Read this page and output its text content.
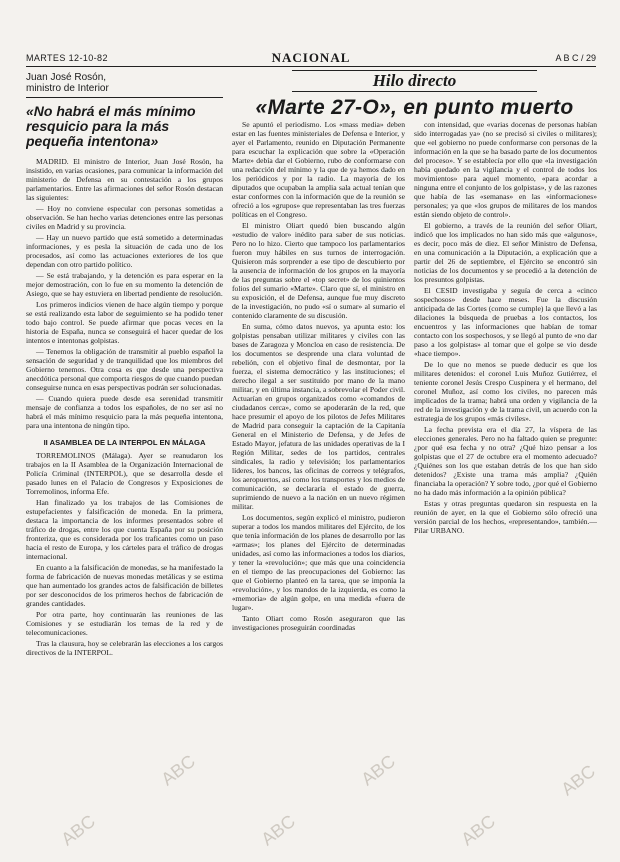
MARTES 12-10-82	NACIONAL	A B C / 29
Juan José Rosón,
ministro de Interior
«No habrá el más mínimo resquicio para la más pequeña intentona»

MADRID. El ministro de Interior, Juan José Rosón, ha insistido, en varias ocasiones, para comunicar la información del ministerio de Defensa en su contestación a los grupos parlamentarios. Entre las afirmaciones del señor Rosón destacan las siguientes:

— Hoy no conviene especular con personas sometidas a observación. Se han hecho varias detenciones entre las personas civiles en Madrid y su provincia.

— Hay un nuevo partido que está sometido a determinadas informaciones, y es pesla la situación de cada uno de los procesados, así como las actuaciones exteriores de los que dependan con otro partido político.

— Se está trabajando, y la detención es para esperar en la mejor demostración, con lo fue en su momento la detención de Asiego, que se hay estuviera en libertad pendiente de resolución.

Los primeros indicios vienen de hace algún tiempo y porque se está realizando esta labor de seguimiento se ha podido tener todo bajo control. Se puede afirmar que pocas veces en la historia de España, nunca se conseguirá el hacer quedar de los intentos e intentonas golpistas.

— Tenemos la obligación de transmitir al pueblo español la sensación de seguridad y de tranquilidad que los miembros del Gobierno tenemos. Otra cosa es que desde una perspectiva anecdótica personal que comporta riesgos de que cuando puedan conseguirse nunca en esas perspectivas podrán ser solucionadas.

— Cuando quiera puede desde esa serenidad transmitir mensaje de confianza a todos los españoles, de no ser así no habrá el más mínimo resquicio para la más pequeña intentona, para una intentona de ningún tipo.

II ASAMBLEA DE LA INTERPOL EN MÁLAGA

TORREMOLINOS (Málaga). Ayer se reanudaron los trabajos en la II Asamblea de la Organización Internacional de Policía Criminal (INTERPOL), que se desarrolla desde el pasado lunes en el Palacio de Congresos y Exposiciones de Torremolinos, informa Efe.

Han finalizado ya los trabajos de las Comisiones de estupefacientes y falsificación de moneda. En la primera, destaca la importancia de los informes presentados sobre el tráfico de drogas, entre los que cuenta España por su posición fronteriza, que es considerada por los traficantes como un paso hacia el resto de Europa, y los cárteles para el tráfico de drogas internacional.

En cuanto a la falsificación de monedas, se ha manifestado la forma de fabricación de nuevas monedas metálicas y se estima que han aumentado los grandes actos de falsificación de billetes por ser desconocidos de los primeros hechos de fabricación de grandes cantidades.

Por otra parte, hoy continuarán las reuniones de las Comisiones y se estudiarán los temas de la red y de telecomunicaciones.

Tras la clausura, hoy se celebrarán las elecciones a los cargos directivos de la INTERPOL.

Hilo directo
«Marte 27-O», en punto muerto

Se apuntó el periodismo. Los «mass media» deben estar en las fuentes ministeriales de Defensa e Interior, y ayer el Parlamento, reunido en Diputación Permanente para escuchar la explicación que sobre la «Operación Marte» debía dar el Gobierno, rubo de conformarse con una redacción del mínimo y la que de ya hemos dado en los periódicos y por la radio. La mayoría de los diputados que ocupaban la amplia sala actual tenían que estar conformes con la información que de la reunión se ofreció a los «grupos» que representaban las tres fuerzas políticas en el Congreso.

El ministro Oliart quedó bien buscando algún «estudio de valor» inédito para saber de sus noticias. Pero no lo hizo. Cierto que tampoco los parlamentarios fueron muy hábiles en sus turnos de interrogación. Quisieron más sorprender a ese tipo de descubierto por la ausencia de información de los grupos en la mayoría de las preguntas sobre el «top secret» de los quinientos folios del sumario «Marte». Claro que sí, el ministro en su exposición, el de Defensa, aunque fue muy discreto de la investigación, no pudo «sí o sumar» al sumario el contenido claramente de su discusión.

En suma, cómo datos nuevos, ya apunta esto: los golpistas pensaban utilizar militares y civiles con las bases de Zaragoza y Moncloa en caso de resistencia. De los documentos se desprende una clara voluntad de rebelión, con el objetivo final de desmontar, por la fuerza, el sistema democrático y las instituciones; el derecho ilegal a ser sustituido por mano de la mano militar, y en última instancia, a sobrevolar el Poder civil. Actuarían en grupos organizados como «comandos de ciudadanos cerca», como se apoderarán de la red, que hace presumir el apoyo de los pilotos de Jefes Militares de Madrid para conseguir la captación de la Capitanía General en el Ministerio de Defensa, y de Jefes de Estado Mayor, jefatura de las unidades operativas de la I Región Militar, sedes de los partidos, centrales sindicales, la radio y televisión; los parlamentarios líderes, los bancos, las oficinas de correos y telégrafos, los aeropuertos, así como los transportes y los medios de comunicación, se declararía el estado de guerra, suprimiendo de nuevo a la nación en un nuevo régimen militar.

Los documentos, según explicó el ministro, pudieron superar a todos los mandos militares del Ejército, de los que tenía información de los planes de desarrollo por las «armas»; los planes del Ejército de determinadas unidades, así como las informaciones a todos los diarios, y tener la «revolución»; que más que una coincidencia en el tiempo de las preocupaciones del Gobierno: las que el Gobierno planteó en la tarea, que se imponía la «revolución», y los mandos de la izquierda, es como la «memoria» de algún golpe, en una medida «fuera de lugar».

Tanto Oliart como Rosón aseguraron que las investigaciones proseguirán coordinadas

con intensidad, que «varias docenas de personas habían sido interrogadas ya» (no se precisó si civiles o militares); que «el gobierno no puede conformarse con personas de la información en la que se ha basado parte de los documentos del proceso». Y se establecía por ello que «la investigación había quedado en la vigilancia y el control de todos los movimientos» para aquel momento, «para acordar a ninguna entre el conjunto de los golpistas», y de las razones que había de las «semanas» en las «informaciones» personales; ya que «los grupos de militares de los mandos están siendo objeto de control».

El gobierno, a través de la reunión del señor Oliart, indicó que los implicados no han sido más que «algunos», es decir, poco más de diez. El señor Ministro de Defensa, en una comunicación a la Diputación, a explicación que a partir del 26 de septiembre, el Ejército se encontró sin noticias de los documentos y se procedió a la detención de los presuntos golpistas.

El CESID investigaba y seguía de cerca a «cinco sospechosos» desde hace meses. Fue la discusión anticipada de las Cortes (como se cumple) la que llevó a las dilaciones la búsqueda de pruebas a los contactos, los encuentros y las informaciones que habían de tomar contacto con los sospechosos, y se llegó al punto de «no dar paso a los golpistas» al tomar que el golpe se vio desde «hace tiempo».

De lo que no menos se puede deducir es que los militares detenidos: el coronel Luis Muñoz Gutiérrez, el teniente coronel Jesús Crespo Cuspinera y el hermano, del coronel Muñoz, así como los civiles, no parecen más implicados de la trama; habrá una orden y vigilancia de la red de la investigación y de la trama civil, un acuerdo con la estrategia de los grupos «más civiles».

La fecha prevista era el día 27, la víspera de las elecciones generales. Pero no ha faltado quien se pregunte: ¿por qué esa fecha y no otra? ¿Qué hizo pensar a los golpistas que el 27 de octubre era el momento adecuado? ¿Quiénes son los que estaban detrás de los que han sido detenidos? ¿Existe una trama más amplia? ¿Quién financiaba la operación? Y sobre todo, ¿por qué el Gobierno no ha dado más información a la opinión pública?

Estas y otras preguntas quedaron sin respuesta en la reunión de ayer, en la que el Gobierno sólo ofreció una versión parcial de los hechos, «representando», también.— Pilar URBANO.

ABC
ABC
ABC
ABC
ABC
ABC
